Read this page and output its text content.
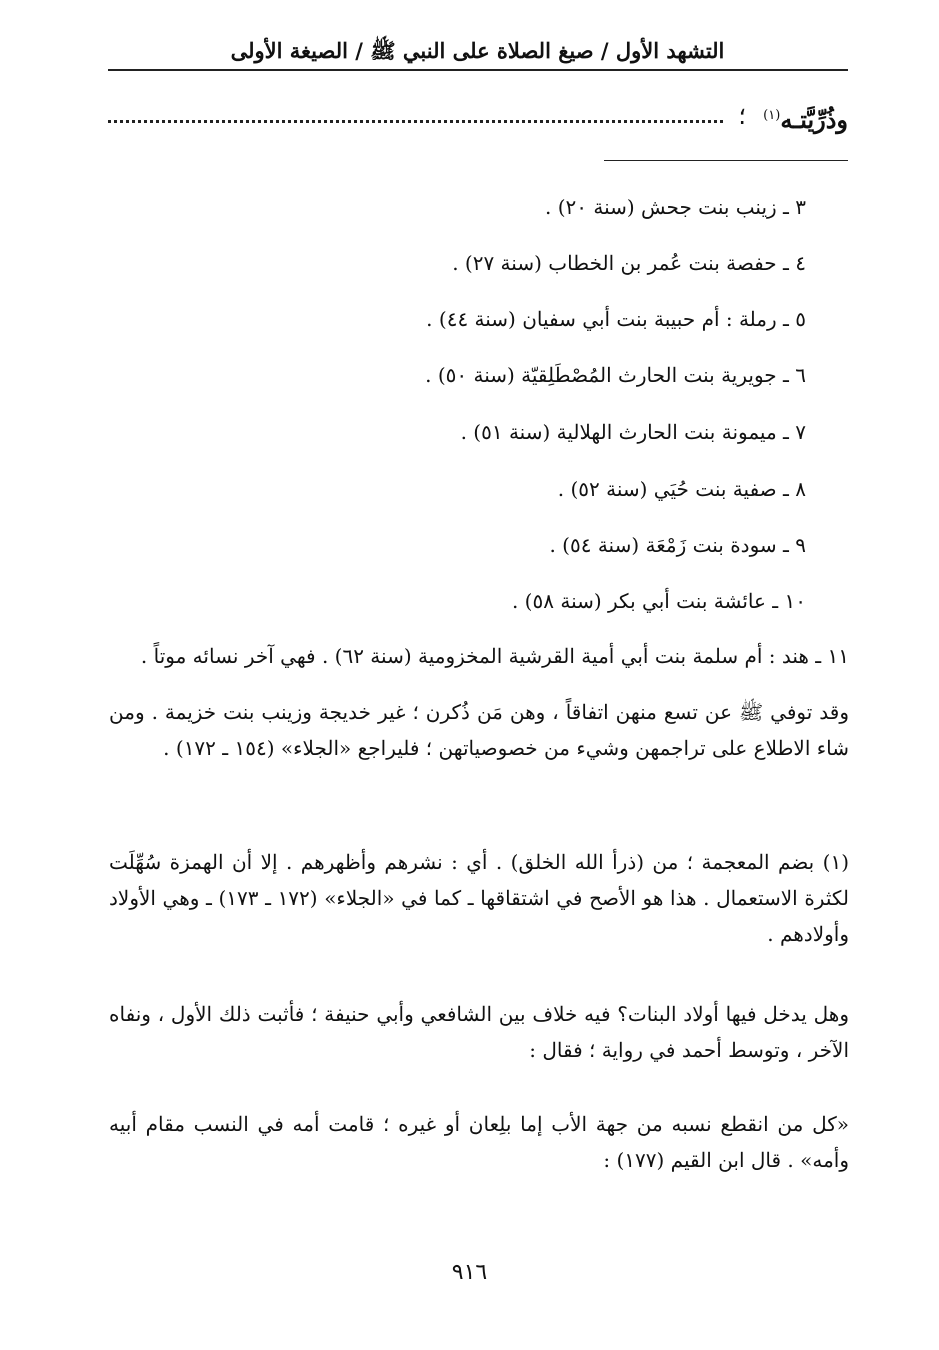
التشهد الأول / صيغ الصلاة على النبي ﷺ / الصيغة الأولى
وذُرِّيَّتـه$^{(١)}$
؛
٣ ـ زينب بنت جحش (سنة ٢٠) .
٤ ـ حفصة بنت عُمر بن الخطاب (سنة ٢٧) .
٥ ـ رملة : أم حبيبة بنت أبي سفيان (سنة ٤٤) .
٦ ـ جويرية بنت الحارث المُصْطَلِقيّة (سنة ٥٠) .
٧ ـ ميمونة بنت الحارث الهلالية (سنة ٥١) .
٨ ـ صفية بنت حُيَي (سنة ٥٢) .
٩ ـ سودة بنت زَمْعَة (سنة ٥٤) .
١٠ ـ عائشة بنت أبي بكر (سنة ٥٨) .
١١ ـ هند : أم سلمة بنت أبي أمية القرشية المخزومية (سنة ٦٢) . فهي آخر نسائه موتاً .
وقد توفي ﷺ عن تسع منهن اتفاقاً ، وهن مَن ذُكرن ؛ غير خديجة وزينب بنت خزيمة . ومن شاء الاطلاع على تراجمهن وشيء من خصوصياتهن ؛ فليراجع «الجلاء» (١٥٤ ـ ١٧٢) .
(١) بضم المعجمة ؛ من (ذرأ الله الخلق) . أي : نشرهم وأظهرهم . إلا أن الهمزة سُهِّلَت لكثرة الاستعمال . هذا هو الأصح في اشتقاقها ـ كما في «الجلاء» (١٧٢ ـ ١٧٣) ـ وهي الأولاد وأولادهم .
وهل يدخل فيها أولاد البنات؟ فيه خلاف بين الشافعي وأبي حنيفة ؛ فأثبت ذلك الأول ، ونفاه الآخر ، وتوسط أحمد في رواية ؛ فقال :
«كل من انقطع نسبه من جهة الأب إما بلِعان أو غيره ؛ قامت أمه في النسب مقام أبيه وأمه» . قال ابن القيم (١٧٧) :
٩١٦
